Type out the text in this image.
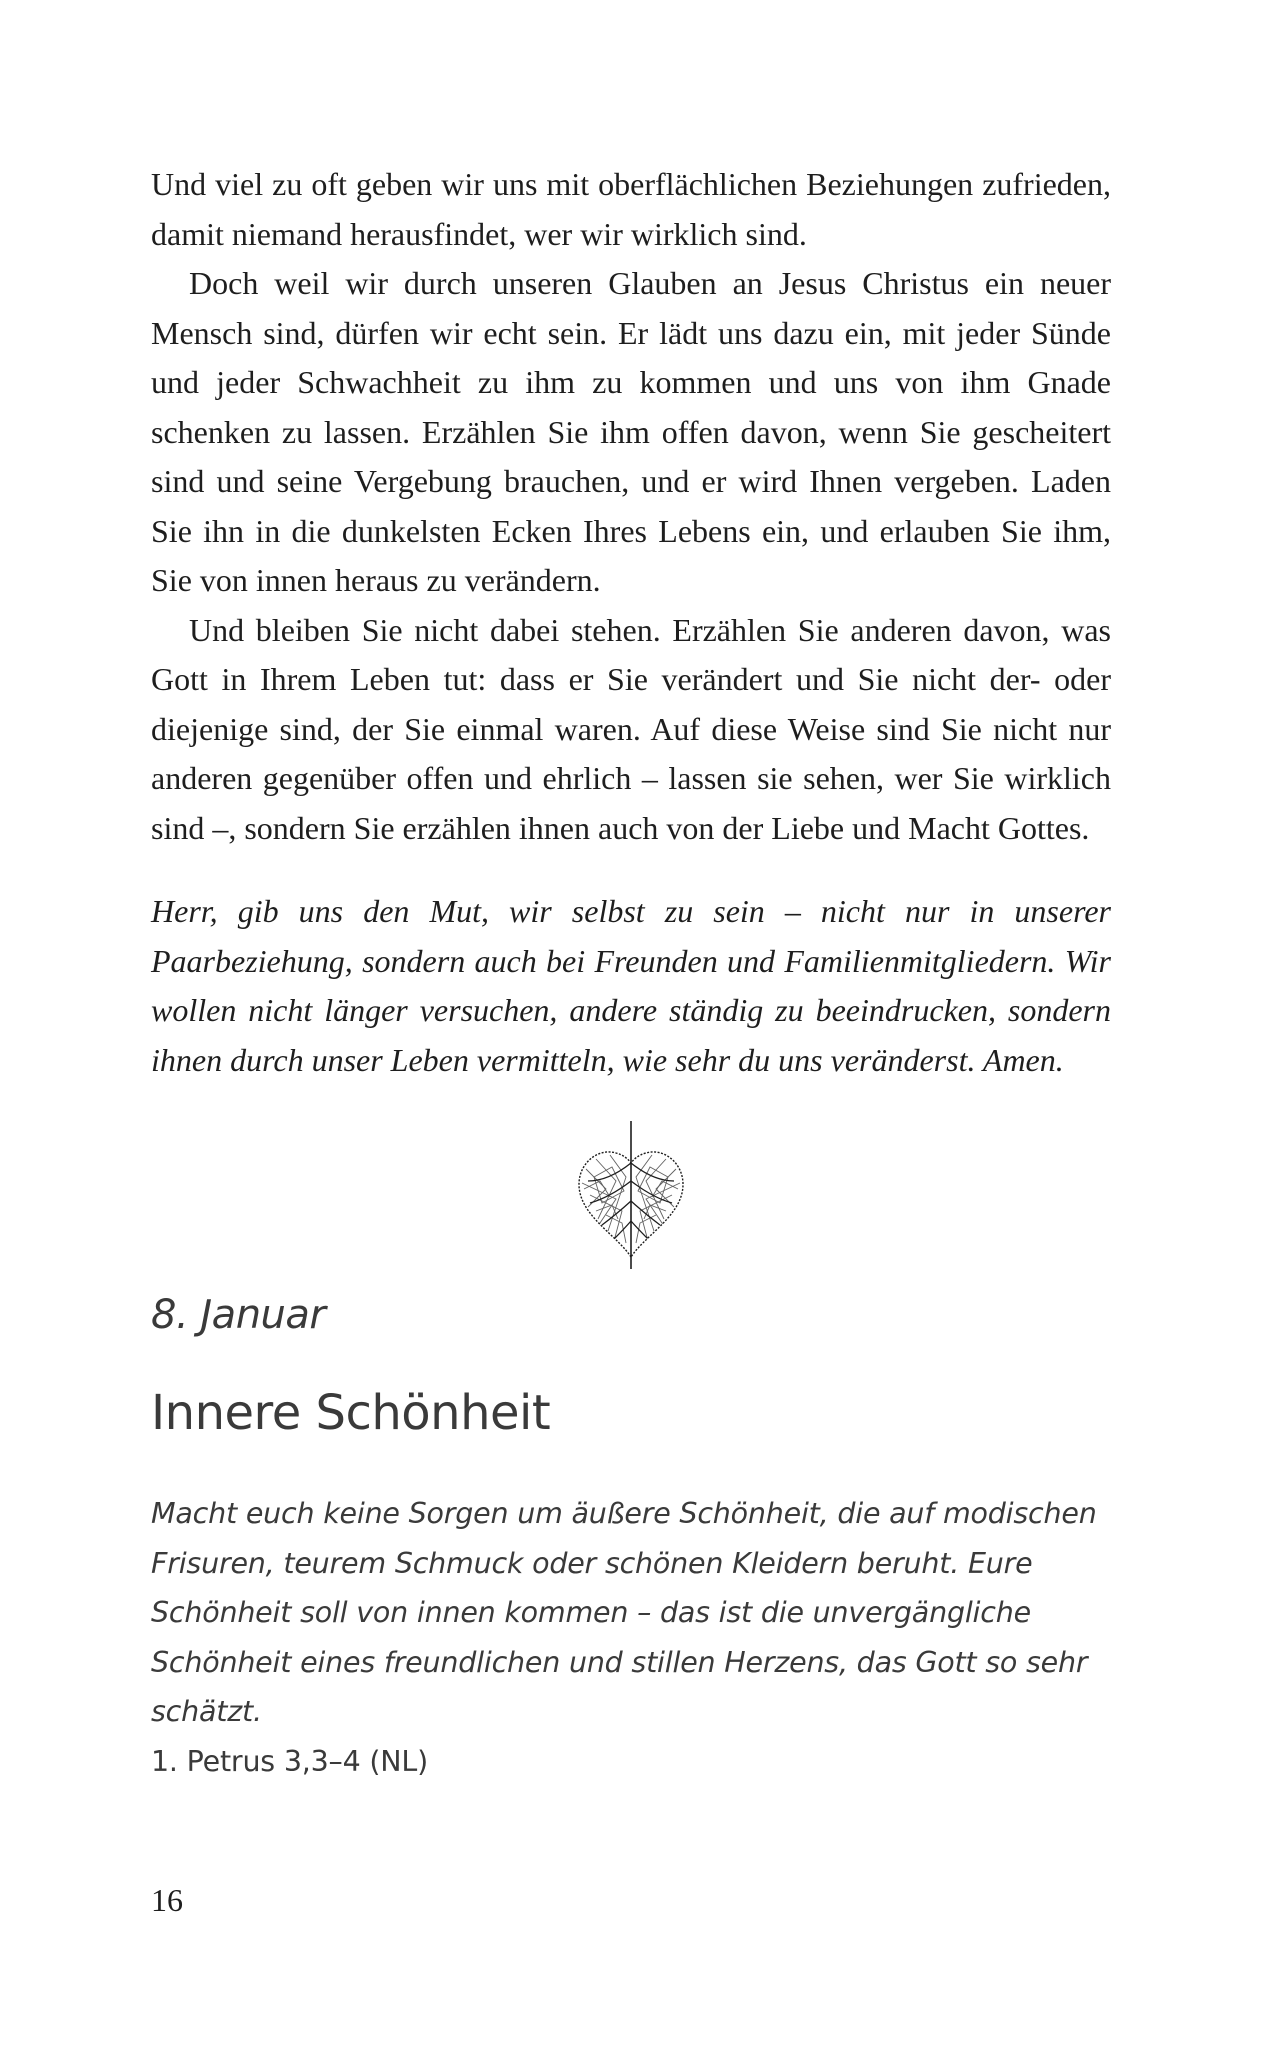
Und viel zu oft geben wir uns mit oberflächlichen Beziehungen zufrieden, damit niemand herausfindet, wer wir wirklich sind.

Doch weil wir durch unseren Glauben an Jesus Christus ein neuer Mensch sind, dürfen wir echt sein. Er lädt uns dazu ein, mit jeder Sünde und jeder Schwachheit zu ihm zu kommen und uns von ihm Gnade schenken zu lassen. Erzählen Sie ihm offen davon, wenn Sie gescheitert sind und seine Vergebung brauchen, und er wird Ihnen vergeben. Laden Sie ihn in die dunkelsten Ecken Ihres Lebens ein, und erlauben Sie ihm, Sie von innen heraus zu verändern.

Und bleiben Sie nicht dabei stehen. Erzählen Sie anderen davon, was Gott in Ihrem Leben tut: dass er Sie verändert und Sie nicht der- oder diejenige sind, der Sie einmal waren. Auf diese Weise sind Sie nicht nur anderen gegenüber offen und ehrlich – lassen sie sehen, wer Sie wirklich sind –, sondern Sie erzählen ihnen auch von der Liebe und Macht Gottes.

Herr, gib uns den Mut, wir selbst zu sein – nicht nur in unserer Paarbeziehung, sondern auch bei Freunden und Familienmitgliedern. Wir wollen nicht länger versuchen, andere ständig zu beeindrucken, sondern ihnen durch unser Leben vermitteln, wie sehr du uns veränderst. Amen.

8. Januar
Innere Schönheit

Macht euch keine Sorgen um äußere Schönheit, die auf modischen Frisuren, teurem Schmuck oder schönen Kleidern beruht. Eure Schönheit soll von innen kommen – das ist die unvergängliche Schönheit eines freundlichen und stillen Herzens, das Gott so sehr schätzt.

1. Petrus 3,3–4 (NL)

16
